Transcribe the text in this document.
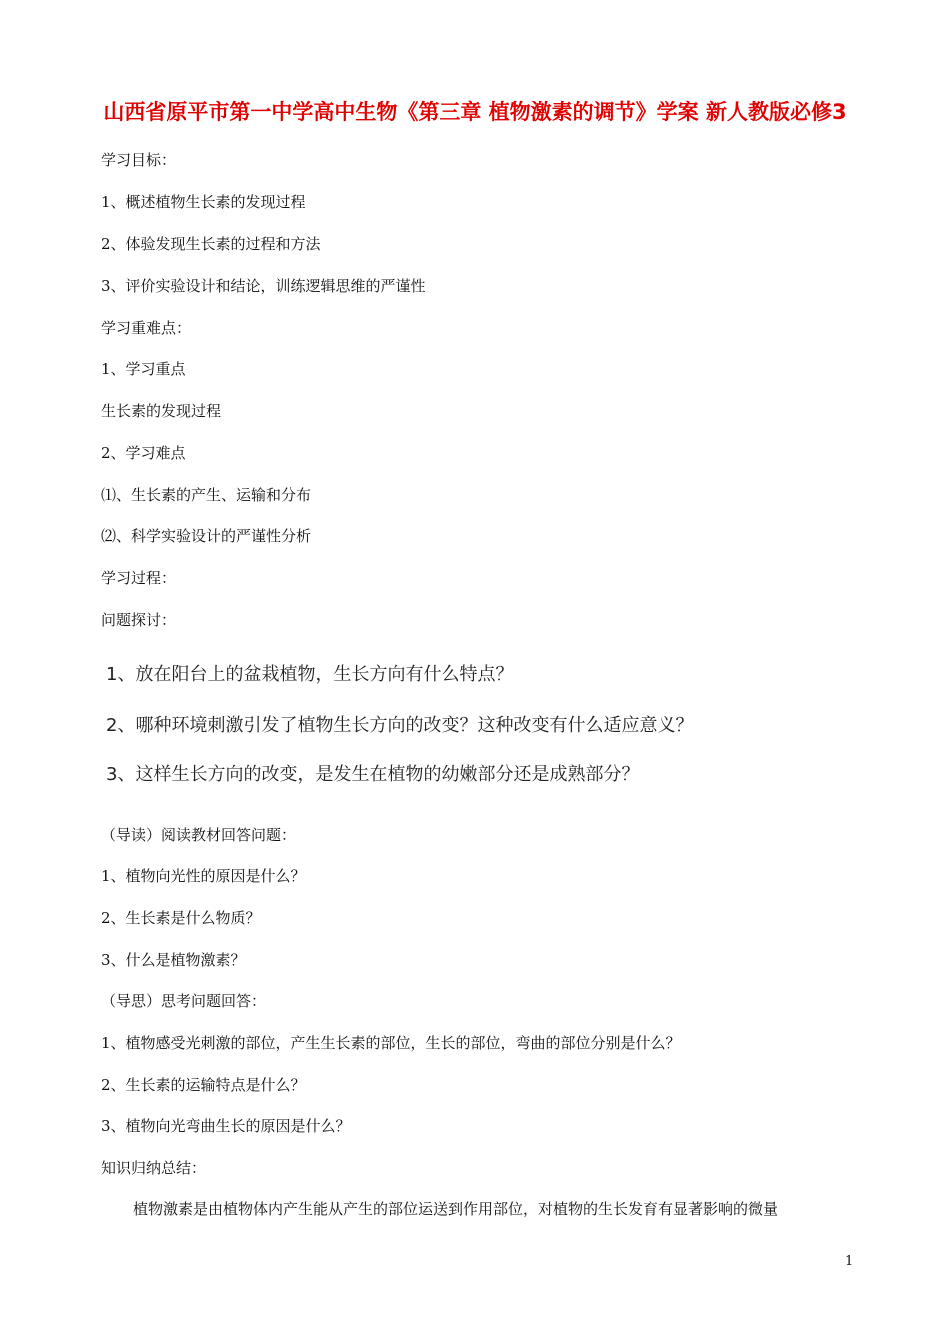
山西省原平市第一中学高中生物《第三章 植物激素的调节》学案 新人教版必修3
学习目标：
1、概述植物生长素的发现过程
2、体验发现生长素的过程和方法
3、评价实验设计和结论，训练逻辑思维的严谨性
学习重难点：
1、学习重点
生长素的发现过程
2、学习难点
⑴、生长素的产生、运输和分布
⑵、科学实验设计的严谨性分析
学习过程：
问题探讨：
1、放在阳台上的盆栽植物，生长方向有什么特点？
2、哪种环境刺激引发了植物生长方向的改变？这种改变有什么适应意义？
3、这样生长方向的改变，是发生在植物的幼嫩部分还是成熟部分？
（导读）阅读教材回答问题：
1、植物向光性的原因是什么？
2、生长素是什么物质？
3、什么是植物激素？
（导思）思考问题回答：
1、植物感受光刺激的部位，产生生长素的部位，生长的部位，弯曲的部位分别是什么？
2、生长素的运输特点是什么？
3、植物向光弯曲生长的原因是什么？
知识归纳总结：
植物激素是由植物体内产生能从产生的部位运送到作用部位，对植物的生长发育有显著影响的微量
1
